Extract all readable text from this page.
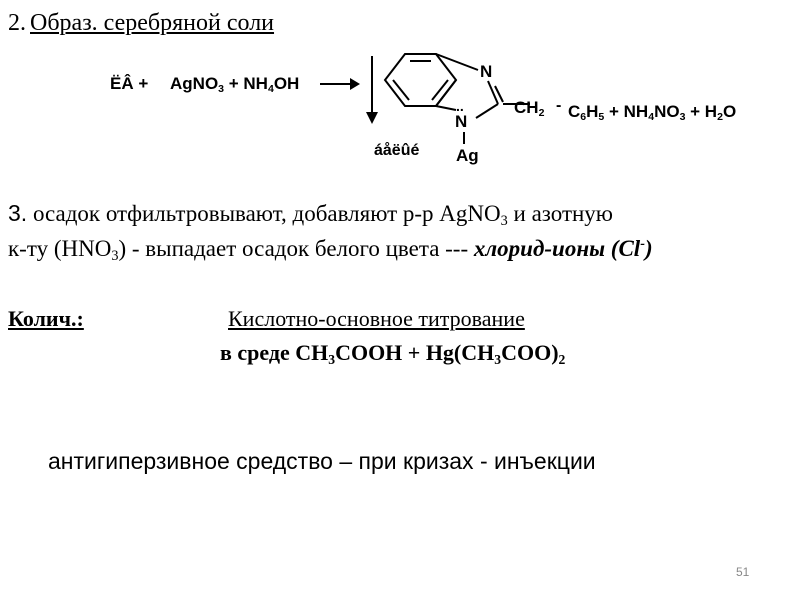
2. Образ. серебряной соли
ËÂ + AgNO$_3$ + $NH_4OH$
N
..
N
Ag
$CH_2 - C_6H_5 + NH_4NO_3 + H_2O$
áåëûé
3. осадок отфильтровывают, добавляют р-р AgNO$_3$ и азотную
к-ту $(HNO_3)$ - выпадает осадок белого цвета --- хлорид-ионы (Cl-)
Колич.:	Кислотно-основное титрование
в среде $CH_3COOH + Hg(CH_3COO)_2$
антигиперзивное средство – при кризах - инъекции
51
